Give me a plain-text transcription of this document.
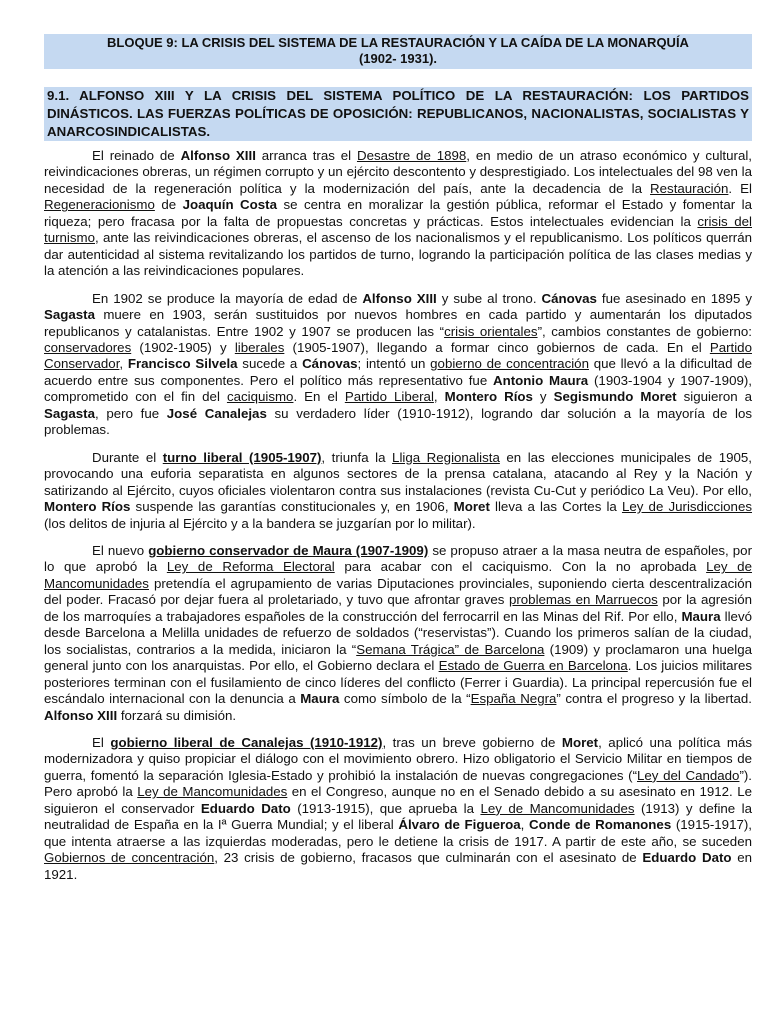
BLOQUE 9: LA CRISIS DEL SISTEMA DE LA RESTAURACIÓN Y LA CAÍDA DE LA MONARQUÍA
(1902- 1931).
9.1. ALFONSO XIII Y LA CRISIS DEL SISTEMA POLÍTICO DE LA RESTAURACIÓN: LOS PARTIDOS DINÁSTICOS. LAS FUERZAS POLÍTICAS DE OPOSICIÓN: REPUBLICANOS, NACIONALISTAS, SOCIALISTAS Y ANARCOSINDICALISTAS.

El reinado de Alfonso XIII arranca tras el Desastre de 1898, en medio de un atraso económico y cultural, reivindicaciones obreras, un régimen corrupto y un ejército descontento y desprestigiado. Los intelectuales del 98 ven la necesidad de la regeneración política y la modernización del país, ante la decadencia de la Restauración. El Regeneracionismo de Joaquín Costa se centra en moralizar la gestión pública, reformar el Estado y fomentar la riqueza; pero fracasa por la falta de propuestas concretas y prácticas. Estos intelectuales evidencian la crisis del turnismo, ante las reivindicaciones obreras, el ascenso de los nacionalismos y el republicanismo. Los políticos querrán dar autenticidad al sistema revitalizando los partidos de turno, logrando la participación política de las clases medias y la atención a las reivindicaciones populares.

En 1902 se produce la mayoría de edad de Alfonso XIII y sube al trono. Cánovas fue asesinado en 1895 y Sagasta muere en 1903, serán sustituidos por nuevos hombres en cada partido y aumentarán los diputados republicanos y catalanistas. Entre 1902 y 1907 se producen las “crisis orientales”, cambios constantes de gobierno: conservadores (1902-1905) y liberales (1905-1907), llegando a formar cinco gobiernos de cada. En el Partido Conservador, Francisco Silvela sucede a Cánovas; intentó un gobierno de concentración que llevó a la dificultad de acuerdo entre sus componentes. Pero el político más representativo fue Antonio Maura (1903-1904 y 1907-1909), comprometido con el fin del caciquismo. En el Partido Liberal, Montero Ríos y Segismundo Moret siguieron a Sagasta, pero fue José Canalejas su verdadero líder (1910-1912), logrando dar solución a la mayoría de los problemas.

Durante el turno liberal (1905-1907), triunfa la Lliga Regionalista en las elecciones municipales de 1905, provocando una euforia separatista en algunos sectores de la prensa catalana, atacando al Rey y la Nación y satirizando al Ejército, cuyos oficiales violentaron contra sus instalaciones (revista Cu-Cut y periódico La Veu). Por ello, Montero Ríos suspende las garantías constitucionales y, en 1906, Moret lleva a las Cortes la Ley de Jurisdicciones (los delitos de injuria al Ejército y a la bandera se juzgarían por lo militar).

El nuevo gobierno conservador de Maura (1907-1909) se propuso atraer a la masa neutra de españoles, por lo que aprobó la Ley de Reforma Electoral para acabar con el caciquismo. Con la no aprobada Ley de Mancomunidades pretendía el agrupamiento de varias Diputaciones provinciales, suponiendo cierta descentralización del poder. Fracasó por dejar fuera al proletariado, y tuvo que afrontar graves problemas en Marruecos por la agresión de los marroquíes a trabajadores españoles de la construcción del ferrocarril en las Minas del Rif. Por ello, Maura llevó desde Barcelona a Melilla unidades de refuerzo de soldados (“reservistas”). Cuando los primeros salían de la ciudad, los socialistas, contrarios a la medida, iniciaron la “Semana Trágica” de Barcelona (1909) y proclamaron una huelga general junto con los anarquistas. Por ello, el Gobierno declara el Estado de Guerra en Barcelona. Los juicios militares posteriores terminan con el fusilamiento de cinco líderes del conflicto (Ferrer i Guardia). La principal repercusión fue el escándalo internacional con la denuncia a Maura como símbolo de la “España Negra” contra el progreso y la libertad. Alfonso XIII forzará su dimisión.

El gobierno liberal de Canalejas (1910-1912), tras un breve gobierno de Moret, aplicó una política más modernizadora y quiso propiciar el diálogo con el movimiento obrero. Hizo obligatorio el Servicio Militar en tiempos de guerra, fomentó la separación Iglesia-Estado y prohibió la instalación de nuevas congregaciones (“Ley del Candado”). Pero aprobó la Ley de Mancomunidades en el Congreso, aunque no en el Senado debido a su asesinato en 1912. Le siguieron el conservador Eduardo Dato (1913-1915), que aprueba la Ley de Mancomunidades (1913) y define la neutralidad de España en la Iª Guerra Mundial; y el liberal Álvaro de Figueroa, Conde de Romanones (1915-1917), que intenta atraerse a las izquierdas moderadas, pero le detiene la crisis de 1917. A partir de este año, se suceden Gobiernos de concentración, 23 crisis de gobierno, fracasos que culminarán con el asesinato de Eduardo Dato en 1921.
